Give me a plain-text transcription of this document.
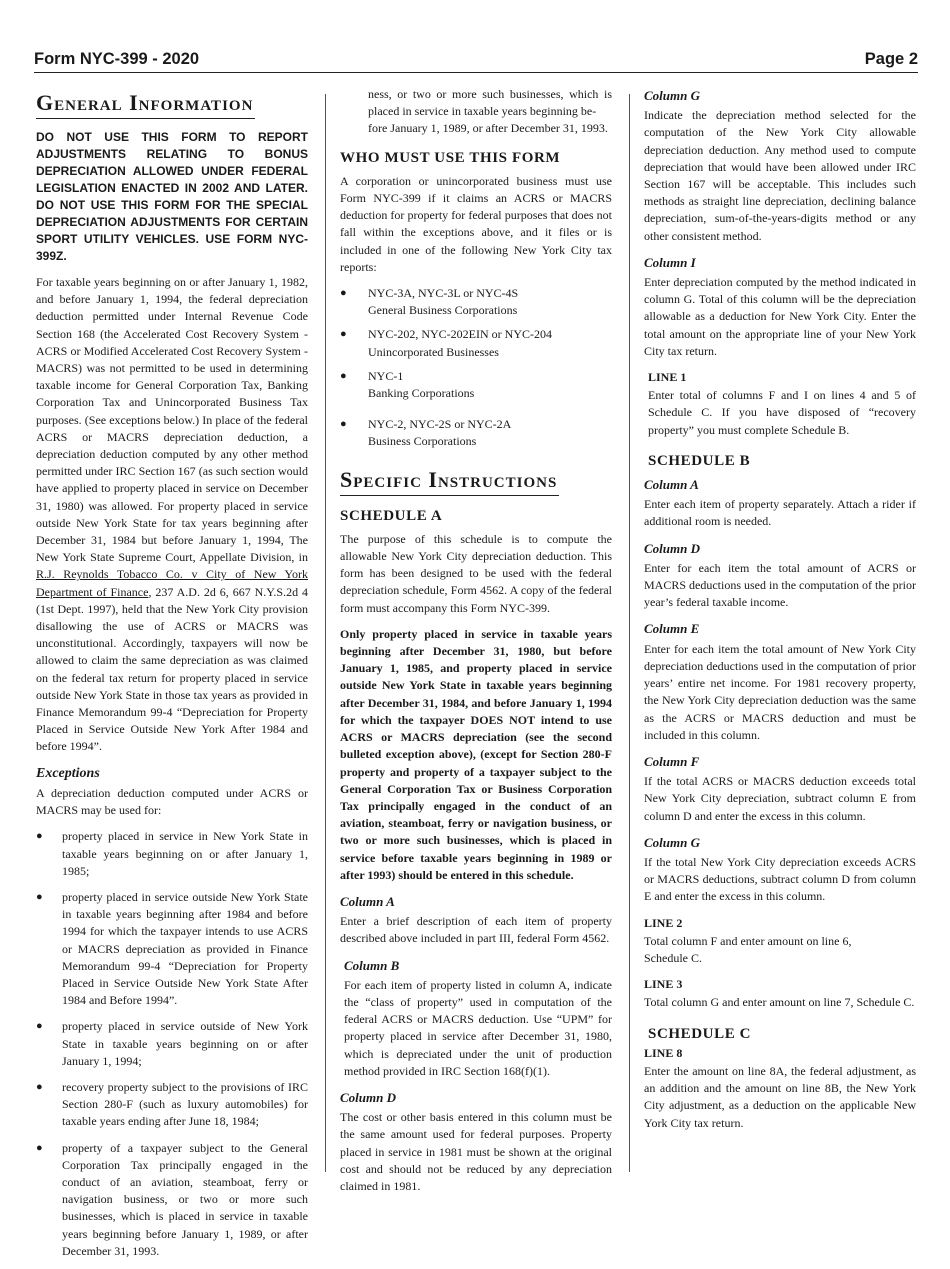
Form NYC-399 - 2020	Page 2
General Information
DO NOT USE THIS FORM TO REPORT ADJUSTMENTS RELATING TO BONUS DEPRECIATION ALLOWED UNDER FEDERAL LEGISLATION ENACTED IN 2002 AND LATER. DO NOT USE THIS FORM FOR THE SPECIAL DEPRECIATION ADJUSTMENTS FOR CERTAIN SPORT UTILITY VEHICLES. USE FORM NYC-399Z.

For taxable years beginning on or after January 1, 1982, and before January 1, 1994, the federal depreciation deduction permitted under Internal Revenue Code Section 168 (the Accelerated Cost Recovery System - ACRS or Modified Accelerated Cost Recovery System - MACRS) was not permitted to be used in determining taxable income for General Corporation Tax, Banking Corporation Tax and Unincorporated Business Tax purposes. (See exceptions below.) In place of the federal ACRS or MACRS depreciation deduction, a depreciation deduction computed by any other method permitted under IRC Section 167 (as such section would have applied to property placed in service on December 31, 1980) was allowed. For property placed in service outside New York State for tax years beginning after December 31, 1984 but before January 1, 1994, The New York State Supreme Court, Appellate Division, in R.J. Reynolds Tobacco Co. v City of New York Department of Finance, 237 A.D. 2d 6, 667 N.Y.S.2d 4 (1st Dept. 1997), held that the New York City provision disallowing the use of ACRS or MACRS was unconstitutional. Accordingly, taxpayers will now be allowed to claim the same depreciation as was claimed on the federal tax return for property placed in service outside New York State in those tax years as provided in Finance Memorandum 99-4 “Depreciation for Property Placed in Service Outside New York After 1984 and before 1994”.

Exceptions

A depreciation deduction computed under ACRS or MACRS may be used for:

● property placed in service in New York State in taxable years beginning on or after January 1, 1985;
● property placed in service outside New York State in taxable years beginning after 1984 and before 1994 for which the taxpayer intends to use ACRS or MACRS depreciation as provided in Finance Memorandum 99-4 “Depreciation for Property Placed in Service Outside New York State After 1984 and Before 1994”.
● property placed in service outside of New York State in taxable years beginning on or after January 1, 1994;
● recovery property subject to the provisions of IRC Section 280-F (such as luxury automobiles) for taxable years ending after June 18, 1984;
● property of a taxpayer subject to the General Corporation Tax principally engaged in the conduct of an aviation, steamboat, ferry or navigation business, or two or more such businesses, which is placed in service in taxable years beginning before January 1, 1989, or after December 31, 1993.

ness, or two or more such businesses, which is placed in service in taxable years beginning be-

fore January 1, 1989, or after December 31, 1993.

WHO MUST USE THIS FORM

A corporation or unincorporated business must use Form NYC-399 if it claims an ACRS or MACRS deduction for property for federal purposes that does not fall within the exceptions above, and it files or is included in one of the following New York City tax reports:

● NYC-3A, NYC-3L or NYC-4S
General Business Corporations
● NYC-202, NYC-202EIN or NYC-204
Unincorporated Businesses
● NYC-1
Banking Corporations
● NYC-2, NYC-2S or NYC-2A
Business Corporations
Specific Instructions
SCHEDULE A

The purpose of this schedule is to compute the allowable New York City depreciation deduction. This form has been designed to be used with the federal depreciation schedule, Form 4562. A copy of the federal form must accompany this Form NYC-399.

Only property placed in service in taxable years beginning after December 31, 1980, but before January 1, 1985, and property placed in service outside New York State in taxable years beginning after December 31, 1984, and before January 1, 1994 for which the taxpayer DOES NOT intend to use ACRS or MACRS depreciation (see the second bulleted exception above), (except for Section 280-F property and property of a taxpayer subject to the General Corporation Tax or Business Corporation Tax principally engaged in the conduct of an aviation, steamboat, ferry or navigation business, or two or more such businesses, which is placed in service before taxable years beginning in 1989 or after 1993) should be entered in this schedule.

Column A

Enter a brief description of each item of property described above included in part III, federal Form 4562.

Column B

For each item of property listed in column A, indicate the “class of property” used in computation of the federal ACRS or MACRS deduction. Use “UPM” for property placed in service after December 31, 1980, which is depreciated under the unit of production method provided in IRC Section 168(f)(1).

Column D

The cost or other basis entered in this column must be the same amount used for federal purposes. Property placed in service in 1981 must be shown at the original cost and should not be reduced by any depreciation claimed in 1981.

Column G

Indicate the depreciation method selected for the computation of the New York City allowable depreciation deduction. Any method used to compute depreciation that would have been allowed under IRC Section 167 will be acceptable. This includes such methods as straight line depreciation, declining balance depreciation, sum-of-the-years-digits method or any other consistent method.

Column I

Enter depreciation computed by the method indicated in column G. Total of this column will be the depreciation allowable as a deduction for New York City. Enter the total amount on the appropriate line of your New York City tax return.

LINE 1

Enter total of columns F and I on lines 4 and 5 of Schedule C. If you have disposed of “recovery property” you must complete Schedule B.

SCHEDULE B
Column A

Enter each item of property separately. Attach a rider if additional room is needed.

Column D

Enter for each item the total amount of ACRS or MACRS deductions used in the computation of the prior year’s federal taxable income.

Column E

Enter for each item the total amount of New York City depreciation deductions used in the computation of prior years’ entire net income. For 1981 recovery property, the New York City depreciation deduction was the same as the ACRS or MACRS deduction and must be included in this column.

Column F

If the total ACRS or MACRS deduction exceeds total New York City depreciation, subtract column E from column D and enter the excess in this column.

Column G

If the total New York City depreciation exceeds ACRS or MACRS deductions, subtract column D from column E and enter the excess in this column.

LINE 2

Total column F and enter amount on line 6, Schedule C.

LINE 3

Total column G and enter amount on line 7, Schedule C.

SCHEDULE C
LINE 8

Enter the amount on line 8A, the federal adjustment, as an addition and the amount on line 8B, the New York City adjustment, as a deduction on the applicable New York City tax return.
